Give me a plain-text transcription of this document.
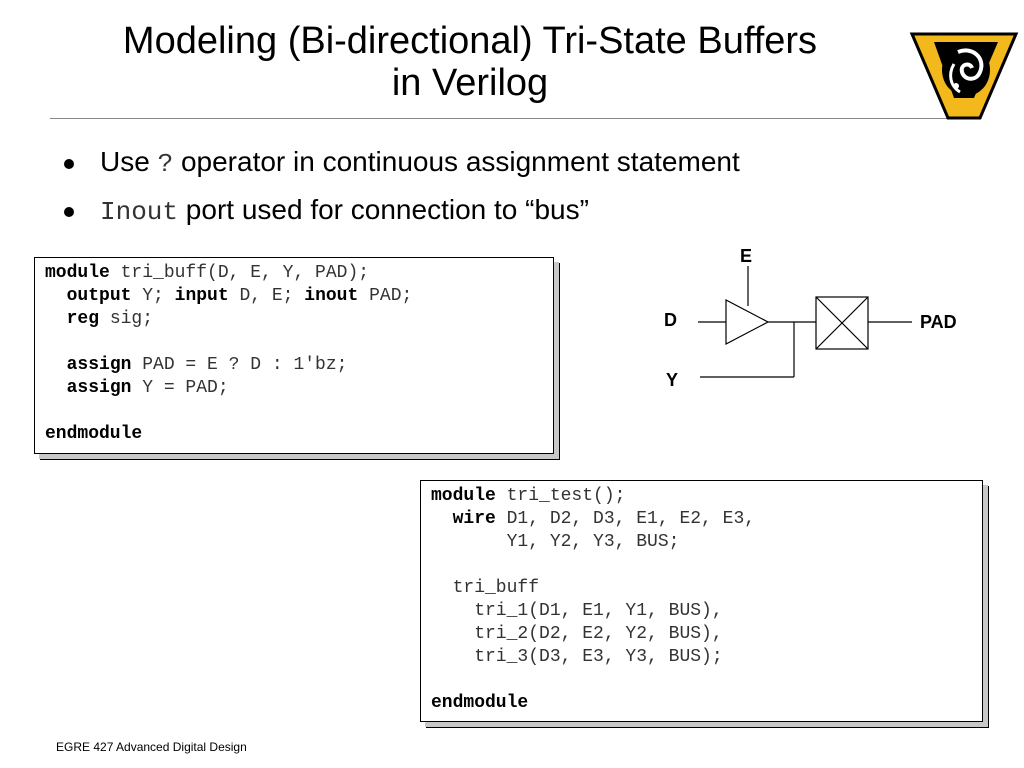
Modeling (Bi-directional) Tri-State Buffers
in Verilog
Use ? operator in continuous assignment statement
Inout port used for connection to “bus”
module tri_buff(D, E, Y, PAD);
output Y; input D, E; inout PAD;
reg sig;
assign PAD = E ? D : 1'bz;
assign Y = PAD;
endmodule
module tri_test();
wire D1, D2, D3, E1, E2, E3,
Y1, Y2, Y3, BUS;
tri_buff
tri_1(D1, E1, Y1, BUS),
tri_2(D2, E2, Y2, BUS),
tri_3(D3, E3, Y3, BUS);
endmodule
E
D
Y
PAD
EGRE 427 Advanced Digital Design
